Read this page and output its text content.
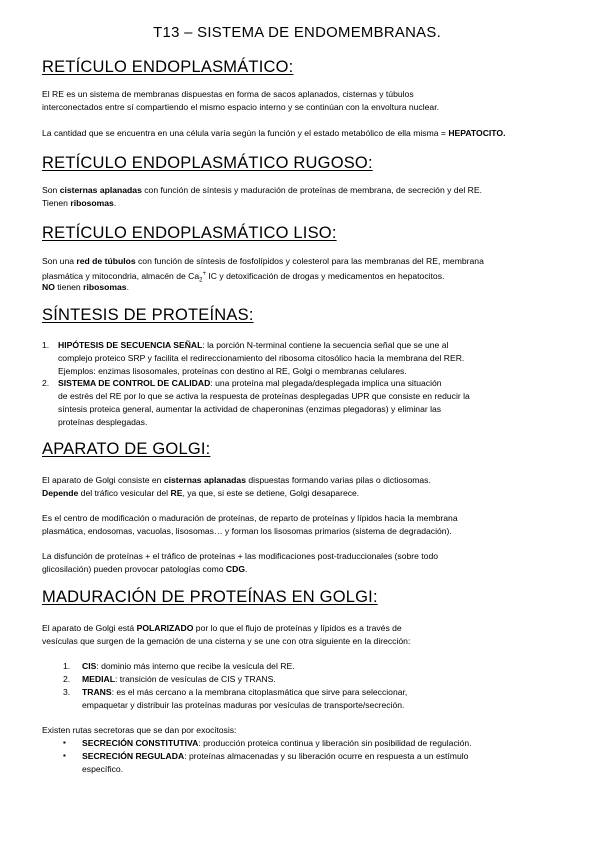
T13 – SISTEMA DE ENDOMEMBRANAS.
RETÍCULO ENDOPLASMÁTICO:

El RE es un sistema de membranas dispuestas en forma de sacos aplanados, cisternas y túbulos

interconectados entre sí compartiendo el mismo espacio interno y se continúan con la envoltura nuclear.

La cantidad que se encuentra en una célula varía según la función y el estado metabólico de ella misma = HEPATOCITO.

RETÍCULO ENDOPLASMÁTICO RUGOSO:

Son cisternas aplanadas con función de síntesis y maduración de proteínas de membrana, de secreción y del RE.

Tienen ribosomas.

RETÍCULO ENDOPLASMÁTICO LISO:

Son una red de túbulos con función de síntesis de fosfolípidos y colesterol para las membranas del RE, membrana

plasmática y mitocondria, almacén de $Ca_2^+$ IC y detoxificación de drogas y medicamentos en hepatocitos.

NO tienen ribosomas.

SÍNTESIS DE PROTEÍNAS:
1. HIPÓTESIS DE SECUENCIA SEÑAL: la porción N-terminal contiene la secuencia señal que se une al

complejo proteico SRP y facilita el redireccionamiento del ribosoma citosólico hacia la membrana del RER.

Ejemplos: enzimas lisosomales, proteínas con destino al RE, Golgi o membranas celulares.

2. SISTEMA DE CONTROL DE CALIDAD: una proteína mal plegada/desplegada implica una situación

de estrés del RE por lo que se activa la respuesta de proteínas desplegadas UPR que consiste en reducir la

síntesis proteica general, aumentar la actividad de chaperoninas (enzimas plegadoras) y eliminar las

proteínas desplegadas.

APARATO DE GOLGI:

El aparato de Golgi consiste en cisternas aplanadas dispuestas formando varias pilas o dictiosomas.

Depende del tráfico vesicular del RE, ya que, si este se detiene, Golgi desaparece.

Es el centro de modificación o maduración de proteínas, de reparto de proteínas y lípidos hacia la membrana

plasmática, endosomas, vacuolas, lisosomas… y forman los lisosomas primarios (sistema de degradación).

La disfunción de proteínas + el tráfico de proteínas + las modificaciones post-traduccionales (sobre todo

glicosilación) pueden provocar patologías como CDG.

MADURACIÓN DE PROTEÍNAS EN GOLGI:

El aparato de Golgi está POLARIZADO por lo que el flujo de proteínas y lípidos es a través de

vesículas que surgen de la gemación de una cisterna y se une con otra siguiente en la dirección:

1. CIS: dominio más interno que recibe la vesícula del RE.

2. MEDIAL: transición de vesículas de CIS y TRANS.

3. TRANS: es el más cercano a la membrana citoplasmática que sirve para seleccionar,

empaquetar y distribuir las proteínas maduras por vesículas de transporte/secreción.

Existen rutas secretoras que se dan por exocitosis:

▪ SECRECIÓN CONSTITUTIVA: producción proteica continua y liberación sin posibilidad de regulación.

▪ SECRECIÓN REGULADA: proteínas almacenadas y su liberación ocurre en respuesta a un estímulo

específico.
